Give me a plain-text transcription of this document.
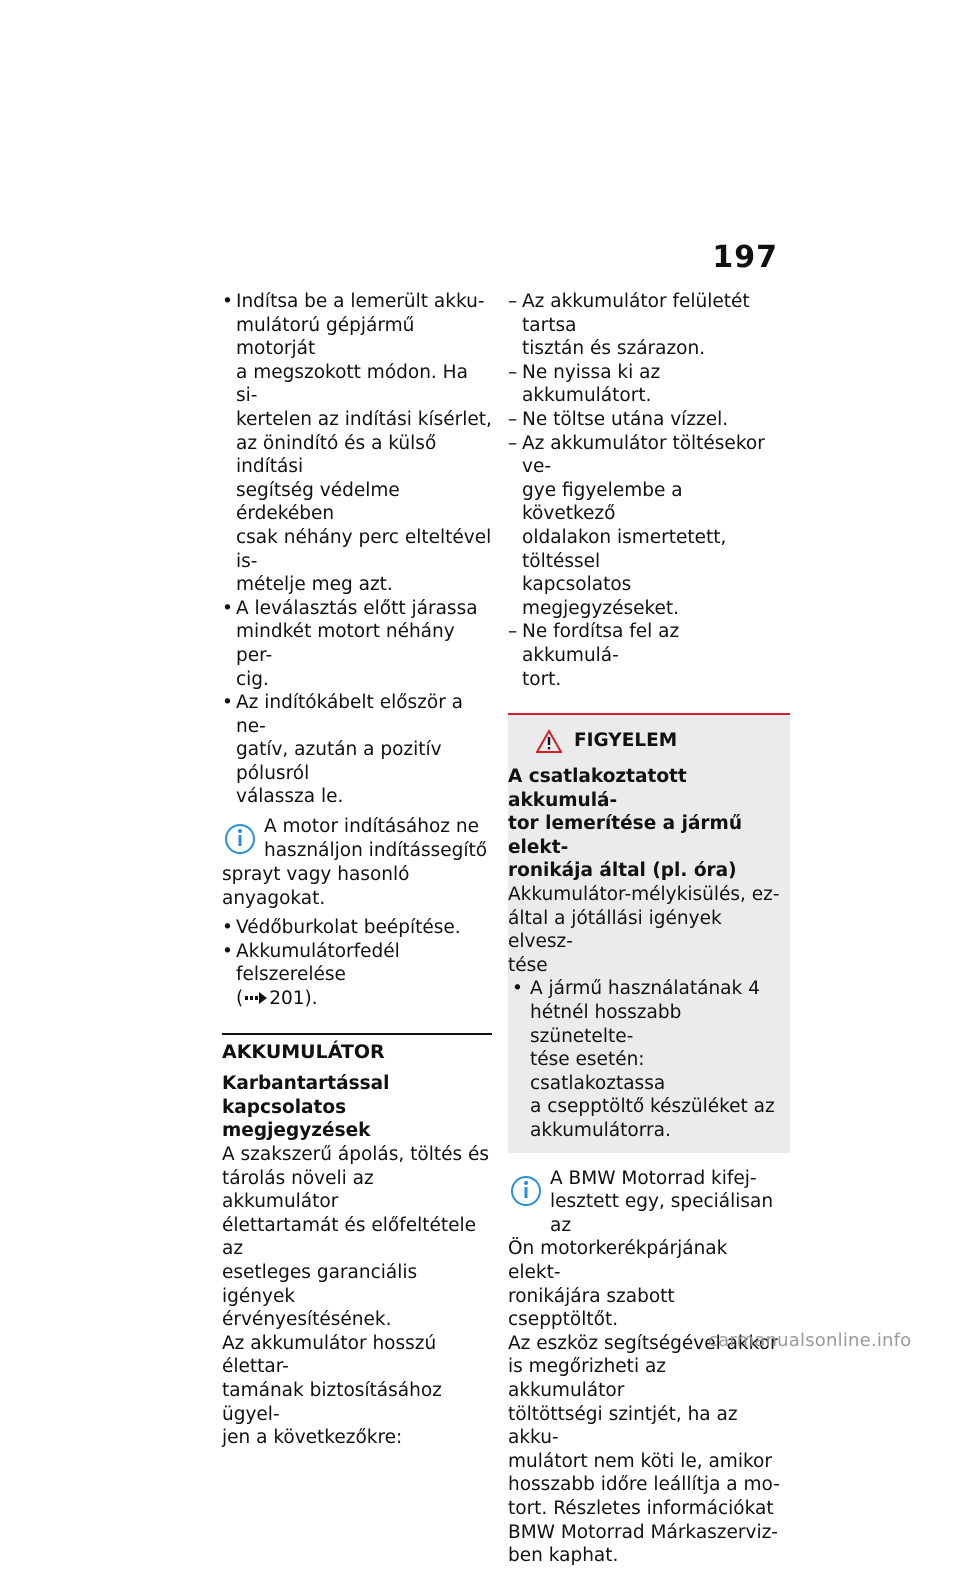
197
• Indítsa be a lemerült akku-
mulátorú gépjármű motorját
a megszokott módon. Ha si-
kertelen az indítási kísérlet,
az önindító és a külső indítási
segítség védelme érdekében
csak néhány perc elteltével is-
mételje meg azt.
• A leválasztás előtt járassa
mindkét motort néhány per-
cig.
• Az indítókábelt először a ne-
gatív, azután a pozitív pólusról
válassza le.
A motor indításához ne
használjon indítássegítő
sprayt vagy hasonló anyagokat.
• Védőburkolat beépítése.
• Akkumulátorfedél felszerelése
( 201).
AKKUMULÁTOR
Karbantartással kapcsolatos
megjegyzések
A szakszerű ápolás, töltés és
tárolás növeli az akkumulátor
élettartamát és előfeltétele az
esetleges garanciális igények
érvényesítésének.
Az akkumulátor hosszú élettar-
tamának biztosításához ügyel-
jen a következőkre:
– Az akkumulátor felületét tartsa
tisztán és szárazon.
– Ne nyissa ki az akkumulátort.
– Ne töltse utána vízzel.
– Az akkumulátor töltésekor ve-
gye figyelembe a következő
oldalakon ismertetett, töltéssel
kapcsolatos megjegyzéseket.
– Ne fordítsa fel az akkumulá-
tort.
FIGYELEM
A csatlakoztatott akkumulá-
tor lemerítése a jármű elekt-
ronikája által (pl. óra)
Akkumulátor-mélykisülés, ez-
által a jótállási igények elvesz-
tése
• A jármű használatának 4
hétnél hosszabb szünetelte-
tése esetén: csatlakoztassa
a csepptöltő készüléket az
akkumulátorra.
A BMW Motorrad kifej-
lesztett egy, speciálisan az
Ön motorkerékpárjának elekt-
ronikájára szabott csepptöltőt.
Az eszköz segítségével akkor
is megőrizheti az akkumulátor
töltöttségi szintjét, ha az akku-
mulátort nem köti le, amikor
hosszabb időre leállítja a mo-
tort. Részletes információkat
BMW Motorrad Márkaszerviz-
ben kaphat.
carmanualsonline.info
